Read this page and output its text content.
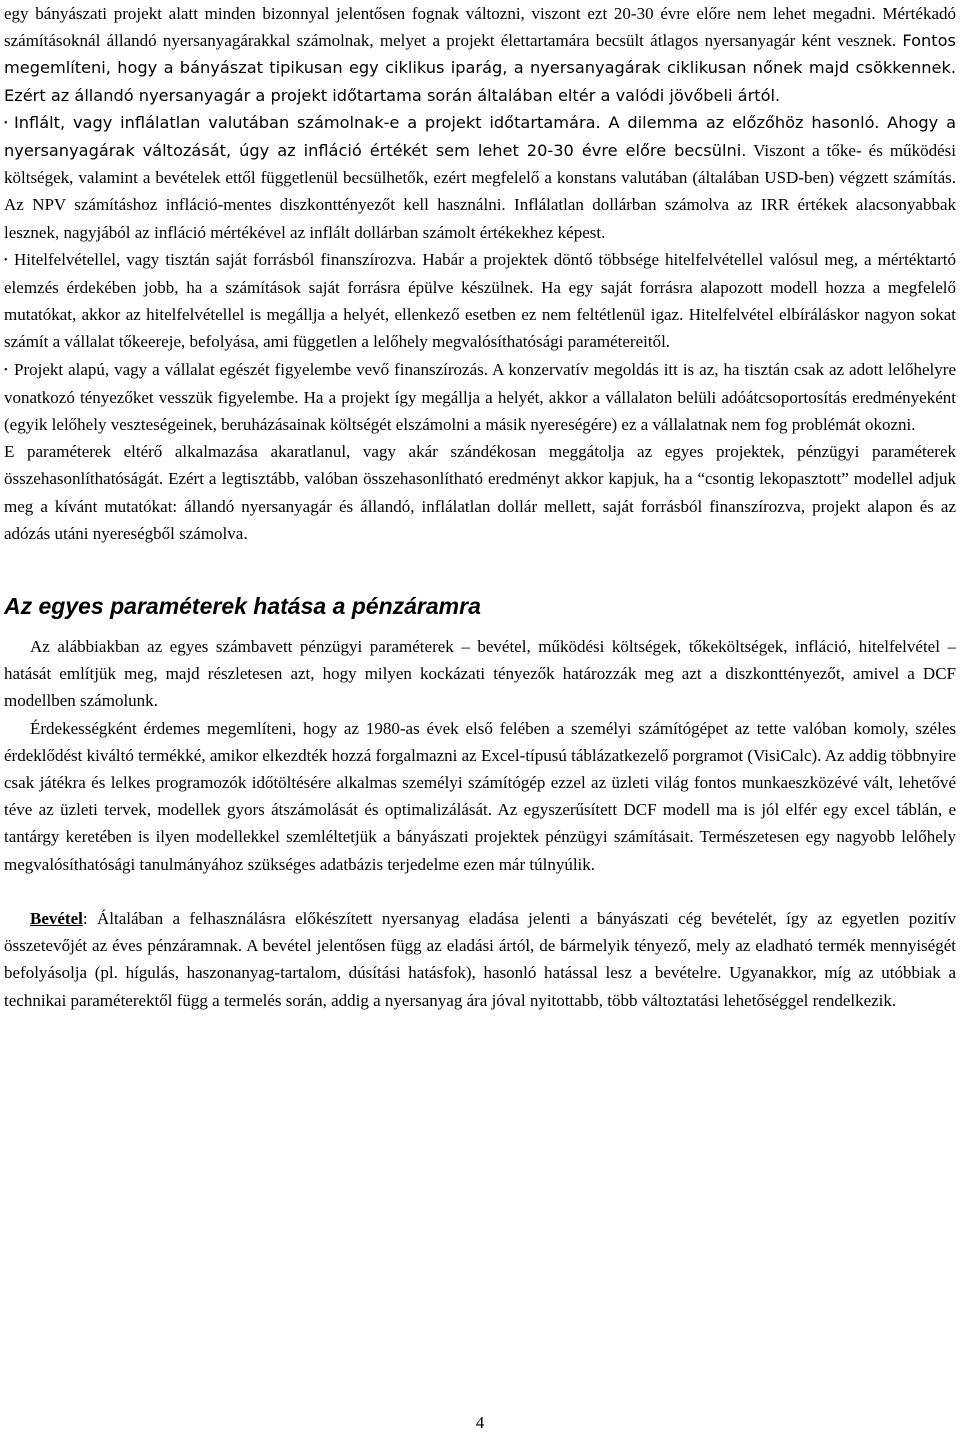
egy bányászati projekt alatt minden bizonnyal jelentősen fognak változni, viszont ezt 20-30 évre előre nem lehet megadni. Mértékadó számításoknál állandó nyersanyagárakkal számolnak, melyet a projekt élettartamára becsült átlagos nyersanyagár ként vesznek. Fontos megemlíteni, hogy a bányászat tipikusan egy ciklikus iparág, a nyersanyagárak ciklikusan nőnek majd csökkennek. Ezért az állandó nyersanyagár a projekt időtartama során általában eltér a valódi jövőbeli ártól.

• Inflált, vagy inflálatlan valutában számolnak-e a projekt időtartamára. A dilemma az előzőhöz hasonló. Ahogy a nyersanyagárak változását, úgy az infláció értékét sem lehet 20-30 évre előre becsülni. Viszont a tőke- és működési költségek, valamint a bevételek ettől függetlenül becsülhetők, ezért megfelelő a konstans valutában (általában USD-ben) végzett számítás. Az NPV számításhoz infláció-mentes diszkonttényezőt kell használni. Inflálatlan dollárban számolva az IRR értékek alacsonyabbak lesznek, nagyjából az infláció mértékével az inflált dollárban számolt értékekhez képest.

• Hitelfelvétellel, vagy tisztán saját forrásból finanszírozva. Habár a projektek döntő többsége hitelfelvétellel valósul meg, a mértéktartó elemzés érdekében jobb, ha a számítások saját forrásra épülve készülnek. Ha egy saját forrásra alapozott modell hozza a megfelelő mutatókat, akkor az hitelfelvétellel is megállja a helyét, ellenkező esetben ez nem feltétlenül igaz. Hitelfelvétel elbíráláskor nagyon sokat számít a vállalat tőkeereje, befolyása, ami független a lelőhely megvalósíthatósági paramétereitől.

• Projekt alapú, vagy a vállalat egészét figyelembe vevő finanszírozás. A konzervatív megoldás itt is az, ha tisztán csak az adott lelőhelyre vonatkozó tényezőket vesszük figyelembe. Ha a projekt így megállja a helyét, akkor a vállalaton belüli adóátcsoportosítás eredményeként (egyik lelőhely veszteségeinek, beruházásainak költségét elszámolni a másik nyereségére) ez a vállalatnak nem fog problémát okozni.

E paraméterek eltérő alkalmazása akaratlanul, vagy akár szándékosan meggátolja az egyes projektek, pénzügyi paraméterek összehasonlíthatóságát. Ezért a legtisztább, valóban összehasonlítható eredményt akkor kapjuk, ha a “csontig lekopasztott” modellel adjuk meg a kívánt mutatókat: állandó nyersanyagár és állandó, inflálatlan dollár mellett, saját forrásból finanszírozva, projekt alapon és az adózás utáni nyereségből számolva.

Az egyes paraméterek hatása a pénzáramra

Az alábbiakban az egyes számbavett pénzügyi paraméterek – bevétel, működési költségek, tőkeköltségek, infláció, hitelfelvétel – hatását említjük meg, majd részletesen azt, hogy milyen kockázati tényezők határozzák meg azt a diszkonttényezőt, amivel a DCF modellben számolunk.

Érdekességként érdemes megemlíteni, hogy az 1980-as évek első felében a személyi számítógépet az tette valóban komoly, széles érdeklődést kiváltó termékké, amikor elkezdték hozzá forgalmazni az Excel-típusú táblázatkezelő porgramot (VisiCalc). Az addig többnyire csak játékra és lelkes programozók időtöltésére alkalmas személyi számítógép ezzel az üzleti világ fontos munkaeszközévé vált, lehetővé téve az üzleti tervek, modellek gyors átszámolását és optimalizálását. Az egyszerűsített DCF modell ma is jól elfér egy excel táblán, e tantárgy keretében is ilyen modellekkel szemléltetjük a bányászati projektek pénzügyi számításait. Természetesen egy nagyobb lelőhely megvalósíthatósági tanulmányához szükséges adatbázis terjedelme ezen már túlnyúlik.

Bevétel: Általában a felhasználásra előkészített nyersanyag eladása jelenti a bányászati cég bevételét, így az egyetlen pozitív összetevőjét az éves pénzáramnak. A bevétel jelentősen függ az eladási ártól, de bármelyik tényező, mely az eladható termék mennyiségét befolyásolja (pl. hígulás, haszonanyag-tartalom, dúsítási hatásfok), hasonló hatással lesz a bevételre. Ugyanakkor, míg az utóbbiak a technikai paraméterektől függ a termelés során, addig a nyersanyag ára jóval nyitottabb, több változtatási lehetőséggel rendelkezik.

4
